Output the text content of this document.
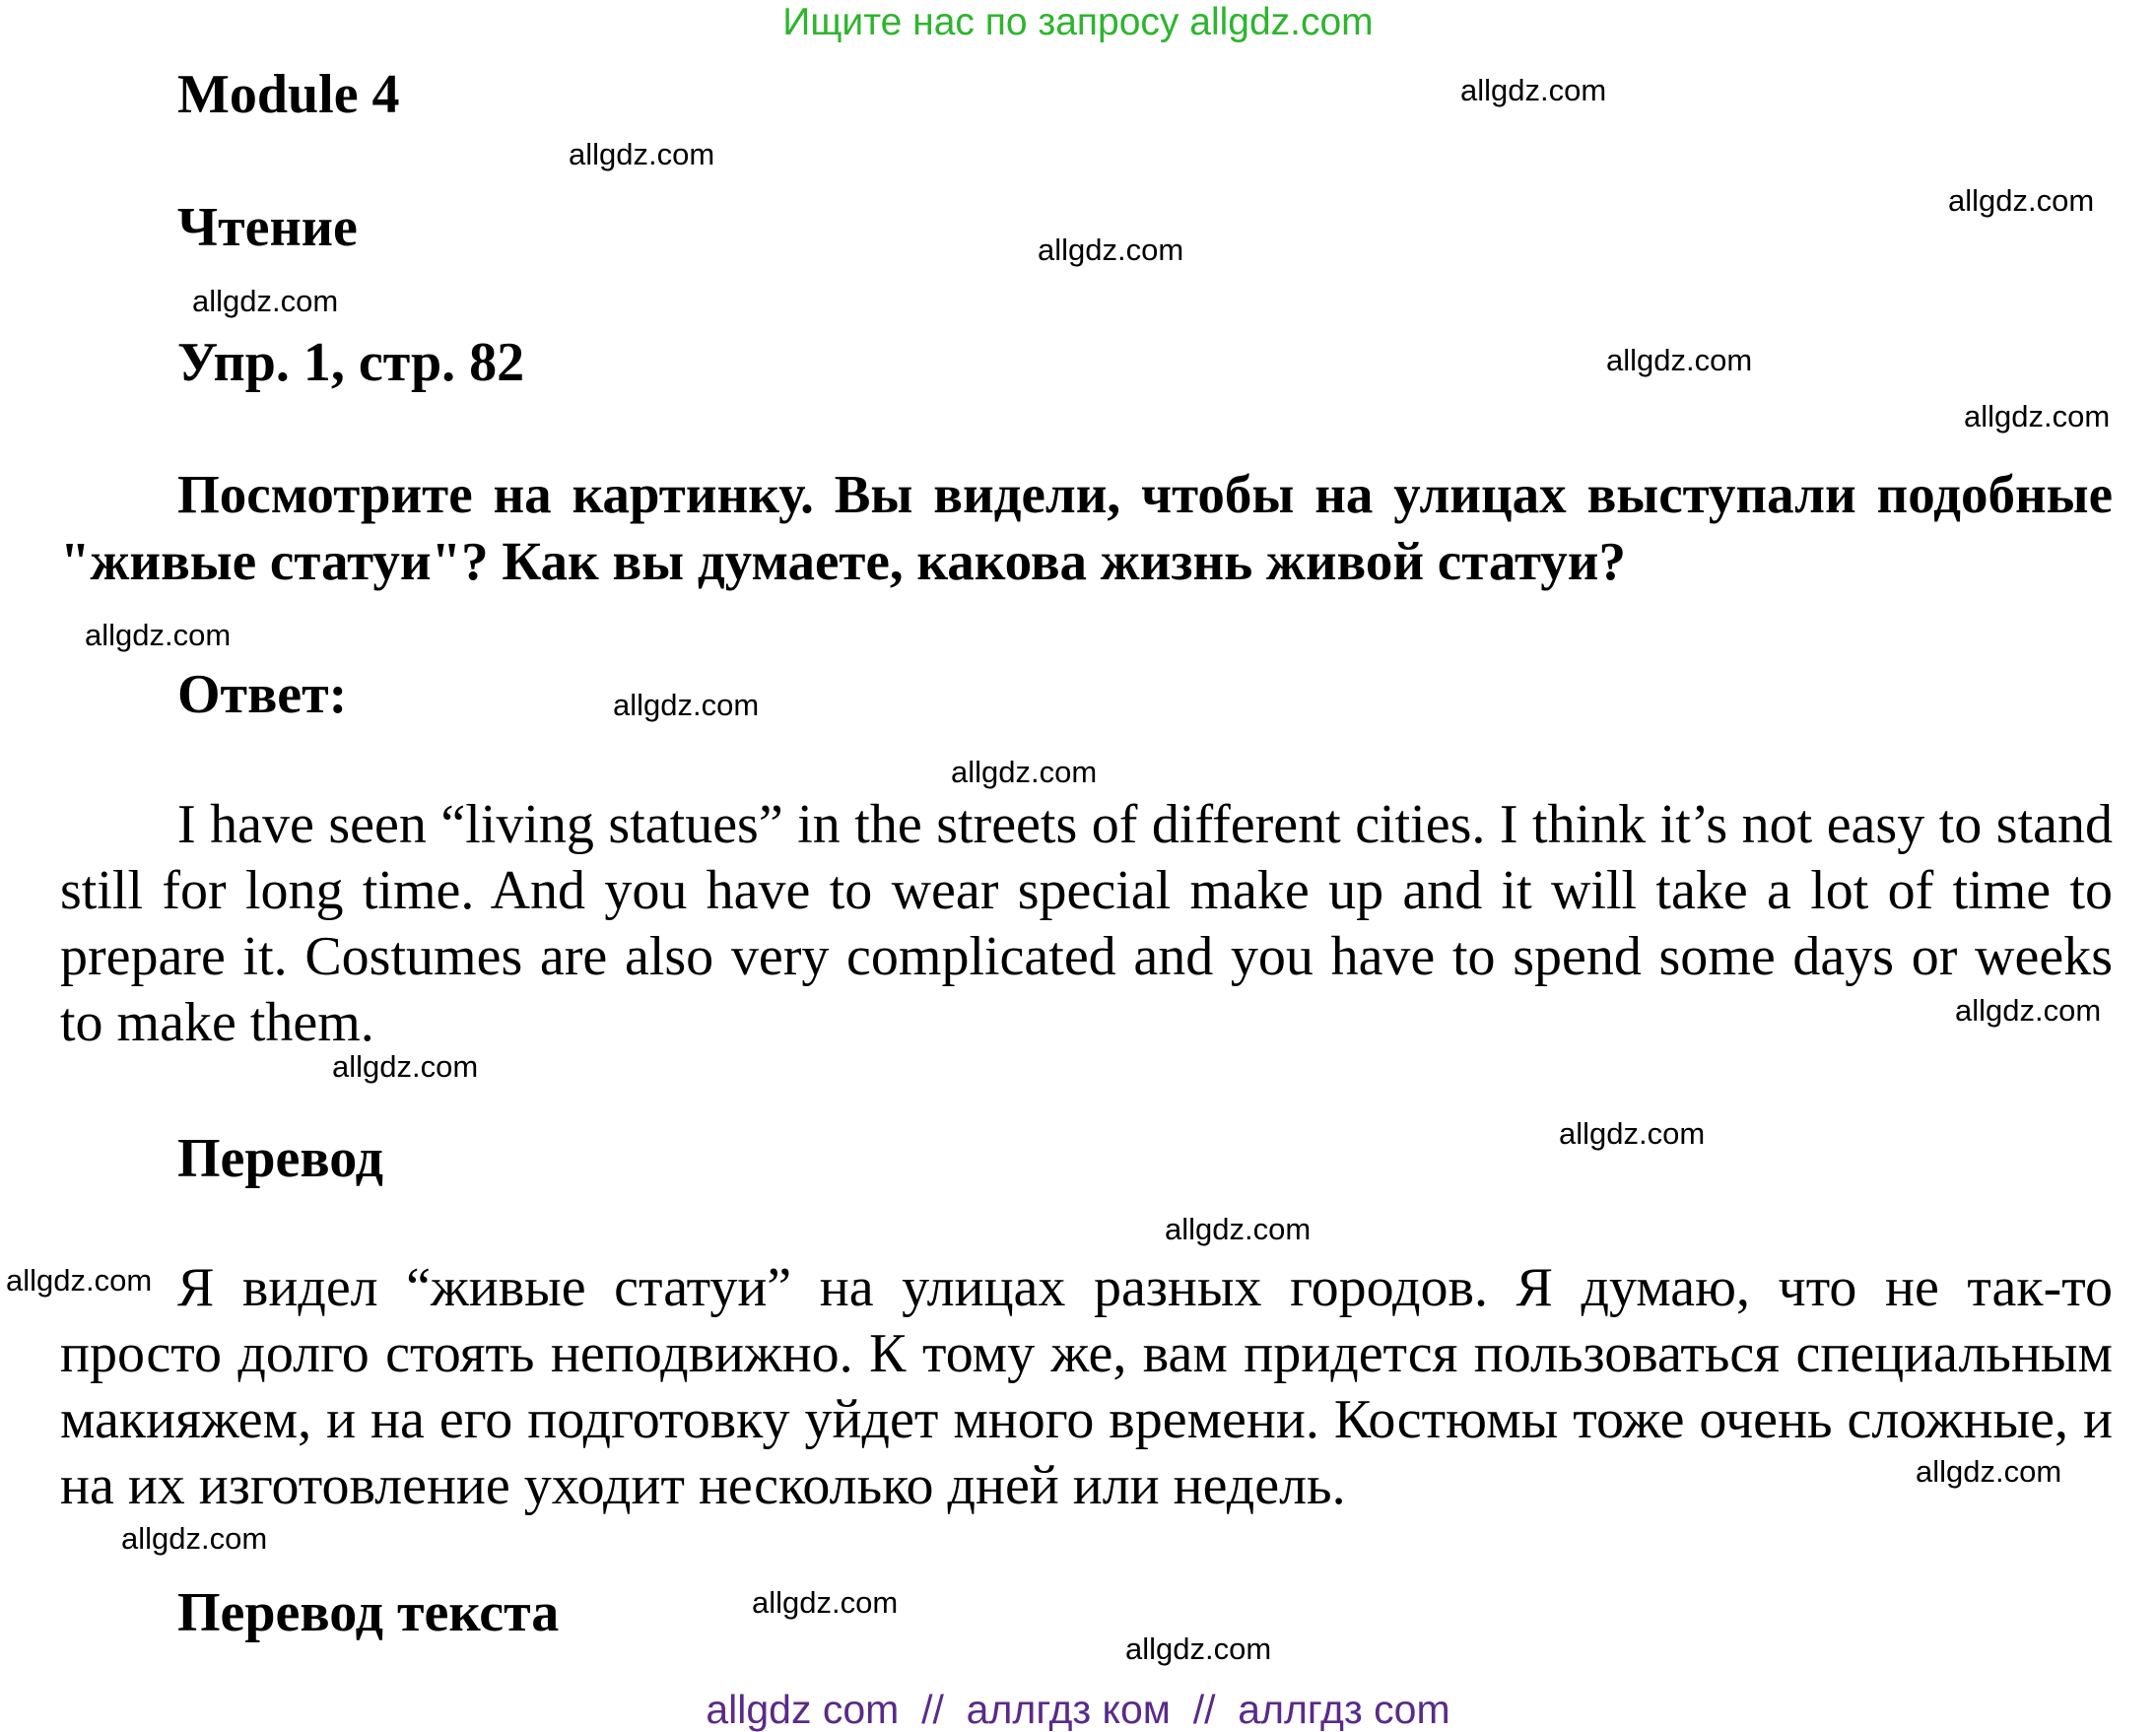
Ищите нас по запросу allgdz.com
Module 4
Чтение
Упр. 1, стр. 82
Посмотрите на картинку. Вы видели, чтобы на улицах выступали подобные "живые статуи"? Как вы думаете, какова жизнь живой статуи?
Ответ:
I have seen “living statues” in the streets of different cities. I think it’s not easy to stand still for long time. And you have to wear special make up and it will take a lot of time to prepare it. Costumes are also very complicated and you have to spend some days or weeks to make them.
Перевод
Я видел “живые статуи” на улицах разных городов. Я думаю, что не так-то просто долго стоять неподвижно. К тому же, вам придется пользоваться специальным макияжем, и на его подготовку уйдет много времени. Костюмы тоже очень сложные, и на их изготовление уходит несколько дней или недель.
Перевод текста
allgdz.com
allgdz.com
allgdz.com
allgdz.com
allgdz.com
allgdz.com
allgdz.com
allgdz.com
allgdz.com
allgdz.com
allgdz.com
allgdz.com
allgdz.com
allgdz.com
allgdz.com
allgdz.com
allgdz.com
allgdz.com
allgdz.com
allgdz com  //  аллгдз ком  //  аллгдз com
